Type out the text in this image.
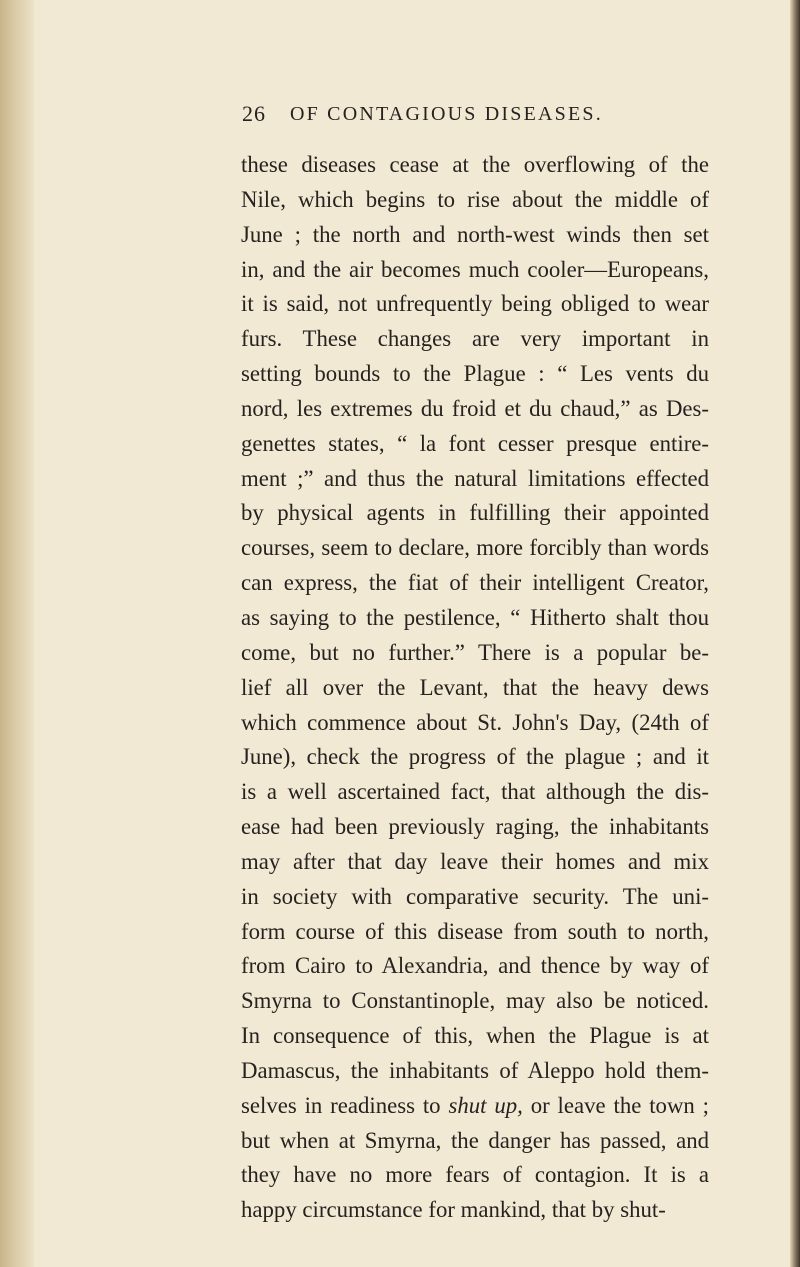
26 OF CONTAGIOUS DISEASES.
these diseases cease at the overflowing of the
Nile, which begins to rise about the middle of
June ; the north and north-west winds then set
in, and the air becomes much cooler—Europeans,
it is said, not unfrequently being obliged to wear
furs. These changes are very important in
setting bounds to the Plague : “ Les vents du
nord, les extremes du froid et du chaud,” as Des-
genettes states, “ la font cesser presque entire-
ment ;” and thus the natural limitations effected
by physical agents in fulfilling their appointed
courses, seem to declare, more forcibly than words
can express, the fiat of their intelligent Creator,
as saying to the pestilence, “ Hitherto shalt thou
come, but no further.” There is a popular be-
lief all over the Levant, that the heavy dews
which commence about St. John's Day, (24th of
June), check the progress of the plague ; and it
is a well ascertained fact, that although the dis-
ease had been previously raging, the inhabitants
may after that day leave their homes and mix
in society with comparative security. The uni-
form course of this disease from south to north,
from Cairo to Alexandria, and thence by way of
Smyrna to Constantinople, may also be noticed.
In consequence of this, when the Plague is at
Damascus, the inhabitants of Aleppo hold them-
selves in readiness to shut up, or leave the town ;
but when at Smyrna, the danger has passed, and
they have no more fears of contagion. It is a
happy circumstance for mankind, that by shut-
